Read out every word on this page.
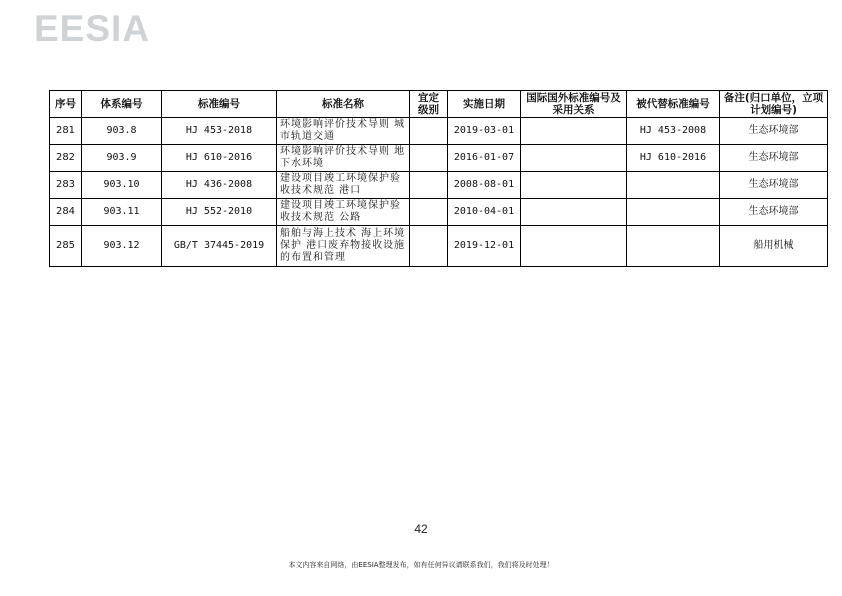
EESIA
序号	体系编号	标准编号	标准名称	宜定级别	实施日期	国际国外标准编号及采用关系	被代替标准编号	备注(归口单位，立项计划编号)
281	903.8	HJ 453-2018	环境影响评价技术导则 城市轨道交通		2019-03-01		HJ 453-2008	生态环境部
282	903.9	HJ 610-2016	环境影响评价技术导则 地下水环境		2016-01-07		HJ 610-2016	生态环境部
283	903.10	HJ 436-2008	建设项目竣工环境保护验收技术规范 港口		2008-08-01			生态环境部
284	903.11	HJ 552-2010	建设项目竣工环境保护验收技术规范 公路		2010-04-01			生态环境部
285	903.12	GB/T 37445-2019	船舶与海上技术 海上环境保护 港口废弃物接收设施的布置和管理		2019-12-01			船用机械
42
本文内容来自网络，由EESIA整理发布，如有任何异议请联系我们，我们将及时处理！
